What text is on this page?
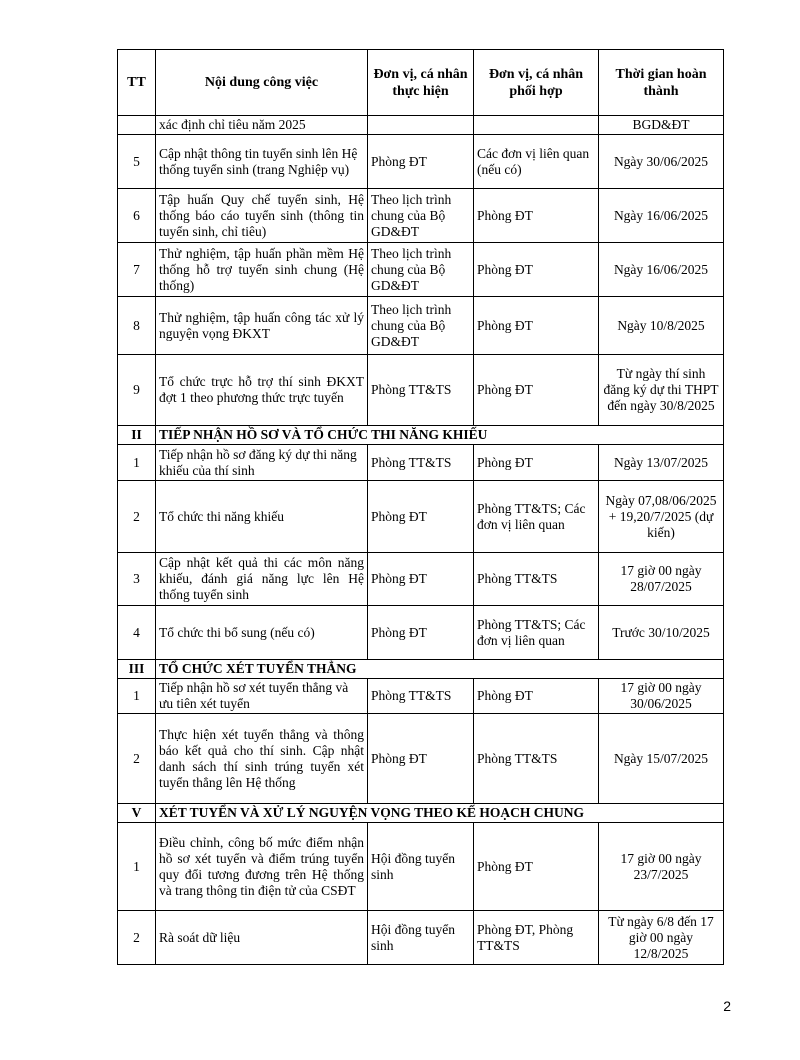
TT	Nội dung công việc	Đơn vị, cá nhân thực hiện	Đơn vị, cá nhân phối hợp	Thời gian hoàn thành
	xác định chỉ tiêu năm 2025			BGD&ĐT
5	Cập nhật thông tin tuyển sinh lên Hệ thống tuyển sinh (trang Nghiệp vụ)	Phòng ĐT	Các đơn vị liên quan (nếu có)	Ngày 30/06/2025
6	Tập huấn Quy chế tuyển sinh, Hệ thống báo cáo tuyển sinh (thông tin tuyển sinh, chỉ tiêu)	Theo lịch trình chung của Bộ GD&ĐT	Phòng ĐT	Ngày 16/06/2025
7	Thử nghiệm, tập huấn phần mềm Hệ thống hỗ trợ tuyển sinh chung (Hệ thống)	Theo lịch trình chung của Bộ GD&ĐT	Phòng ĐT	Ngày 16/06/2025
8	Thử nghiệm, tập huấn công tác xử lý nguyện vọng ĐKXT	Theo lịch trình chung của Bộ GD&ĐT	Phòng ĐT	Ngày 10/8/2025
9	Tổ chức trực hỗ trợ thí sinh ĐKXT đợt 1 theo phương thức trực tuyến	Phòng TT&TS	Phòng ĐT	Từ ngày thí sinh đăng ký dự thi THPT đến ngày 30/8/2025
II	TIẾP NHẬN HỒ SƠ VÀ TỔ CHỨC THI NĂNG KHIẾU			
1	Tiếp nhận hồ sơ đăng ký dự thi năng khiếu của thí sinh	Phòng TT&TS	Phòng ĐT	Ngày 13/07/2025
2	Tổ chức thi năng khiếu	Phòng ĐT	Phòng TT&TS; Các đơn vị liên quan	Ngày 07,08/06/2025 + 19,20/7/2025 (dự kiến)
3	Cập nhật kết quả thi các môn năng khiếu, đánh giá năng lực lên Hệ thống tuyển sinh	Phòng ĐT	Phòng TT&TS	17 giờ 00 ngày 28/07/2025
4	Tổ chức thi bổ sung (nếu có)	Phòng ĐT	Phòng TT&TS; Các đơn vị liên quan	Trước 30/10/2025
III	TỔ CHỨC XÉT TUYỂN THẲNG			
1	Tiếp nhận hồ sơ xét tuyển thẳng và ưu tiên xét tuyển	Phòng TT&TS	Phòng ĐT	17 giờ 00 ngày 30/06/2025
2	Thực hiện xét tuyển thẳng và thông báo kết quả cho thí sinh. Cập nhật danh sách thí sinh trúng tuyển xét tuyển thẳng lên Hệ thống	Phòng ĐT	Phòng TT&TS	Ngày 15/07/2025
V	XÉT TUYỂN VÀ XỬ LÝ NGUYỆN VỌNG THEO KẾ HOẠCH CHUNG			
1	Điều chỉnh, công bố mức điểm nhận hồ sơ xét tuyển và điểm trúng tuyển quy đổi tương đương trên Hệ thống và trang thông tin điện tử của CSĐT	Hội đồng tuyển sinh	Phòng ĐT	17 giờ 00 ngày 23/7/2025
2	Rà soát dữ liệu	Hội đồng tuyển sinh	Phòng ĐT, Phòng TT&TS	Từ ngày 6/8 đến 17 giờ 00 ngày 12/8/2025
2
